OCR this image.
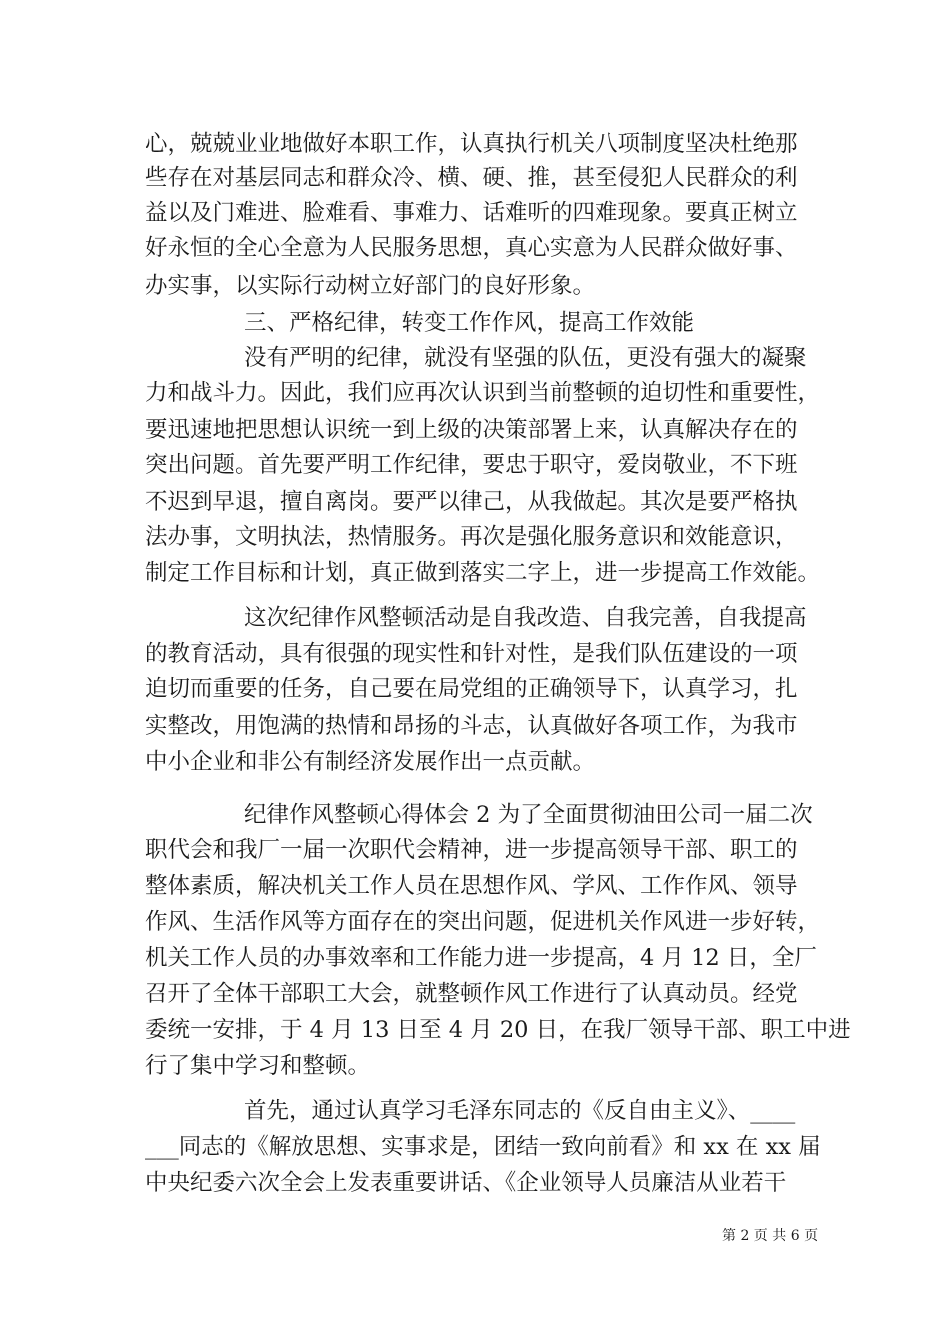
心，兢兢业业地做好本职工作，认真执行机关八项制度坚决杜绝那
些存在对基层同志和群众冷、横、硬、推，甚至侵犯人民群众的利
益以及门难进、脸难看、事难力、话难听的四难现象。要真正树立
好永恒的全心全意为人民服务思想，真心实意为人民群众做好事、
办实事，以实际行动树立好部门的良好形象。
三、严格纪律，转变工作作风，提高工作效能
没有严明的纪律，就没有坚强的队伍，更没有强大的凝聚
力和战斗力。因此，我们应再次认识到当前整顿的迫切性和重要性，
要迅速地把思想认识统一到上级的决策部署上来，认真解决存在的
突出问题。首先要严明工作纪律，要忠于职守，爱岗敬业，不下班
不迟到早退，擅自离岗。要严以律己，从我做起。其次是要严格执
法办事，文明执法，热情服务。再次是强化服务意识和效能意识，
制定工作目标和计划，真正做到落实二字上，进一步提高工作效能。
这次纪律作风整顿活动是自我改造、自我完善，自我提高
的教育活动，具有很强的现实性和针对性，是我们队伍建设的一项
迫切而重要的任务，自己要在局党组的正确领导下，认真学习，扎
实整改，用饱满的热情和昂扬的斗志，认真做好各项工作，为我市
中小企业和非公有制经济发展作出一点贡献。
纪律作风整顿心得体会 2 为了全面贯彻油田公司一届二次
职代会和我厂一届一次职代会精神，进一步提高领导干部、职工的
整体素质，解决机关工作人员在思想作风、学风、工作作风、领导
作风、生活作风等方面存在的突出问题，促进机关作风进一步好转，
机关工作人员的办事效率和工作能力进一步提高，4 月 12 日，全厂
召开了全体干部职工大会，就整顿作风工作进行了认真动员。经党
委统一安排，于 4 月 13 日至 4 月 20 日，在我厂领导干部、职工中进
行了集中学习和整顿。
首先，通过认真学习毛泽东同志的《反自由主义》、____
___同志的《解放思想、实事求是，团结一致向前看》和 xx 在 xx 届
中央纪委六次全会上发表重要讲话、《企业领导人员廉洁从业若干
第 2 页 共 6 页
